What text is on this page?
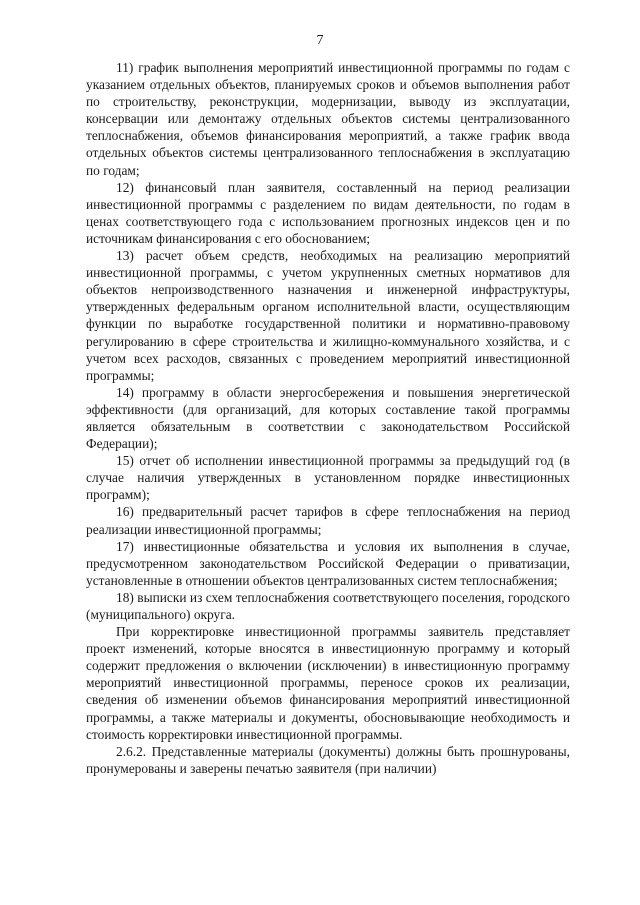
7

11) график выполнения мероприятий инвестиционной программы по годам с указанием отдельных объектов, планируемых сроков и объемов выполнения работ по строительству, реконструкции, модернизации, выводу из эксплуатации, консервации или демонтажу отдельных объектов системы централизованного теплоснабжения, объемов финансирования мероприятий, а также график ввода отдельных объектов системы централизованного теплоснабжения в эксплуатацию по годам;

12) финансовый план заявителя, составленный на период реализации инвестиционной программы с разделением по видам деятельности, по годам в ценах соответствующего года с использованием прогнозных индексов цен и по источникам финансирования с его обоснованием;

13) расчет объем средств, необходимых на реализацию мероприятий инвестиционной программы, с учетом укрупненных сметных нормативов для объектов непроизводственного назначения и инженерной инфраструктуры, утвержденных федеральным органом исполнительной власти, осуществляющим функции по выработке государственной политики и нормативно-правовому регулированию в сфере строительства и жилищно-коммунального хозяйства, и с учетом всех расходов, связанных с проведением мероприятий инвестиционной программы;

14) программу в области энергосбережения и повышения энергетической эффективности (для организаций, для которых составление такой программы является обязательным в соответствии с законодательством Российской Федерации);

15) отчет об исполнении инвестиционной программы за предыдущий год (в случае наличия утвержденных в установленном порядке инвестиционных программ);

16) предварительный расчет тарифов в сфере теплоснабжения на период реализации инвестиционной программы;

17) инвестиционные обязательства и условия их выполнения в случае, предусмотренном законодательством Российской Федерации о приватизации, установленные в отношении объектов централизованных систем теплоснабжения;

18) выписки из схем теплоснабжения соответствующего поселения, городского (муниципального) округа.

При корректировке инвестиционной программы заявитель представляет проект изменений, которые вносятся в инвестиционную программу и который содержит предложения о включении (исключении) в инвестиционную программу мероприятий инвестиционной программы, переносе сроков их реализации, сведения об изменении объемов финансирования мероприятий инвестиционной программы, а также материалы и документы, обосновывающие необходимость и стоимость корректировки инвестиционной программы.

2.6.2. Представленные материалы (документы) должны быть прошнурованы, пронумерованы и заверены печатью заявителя (при наличии)
